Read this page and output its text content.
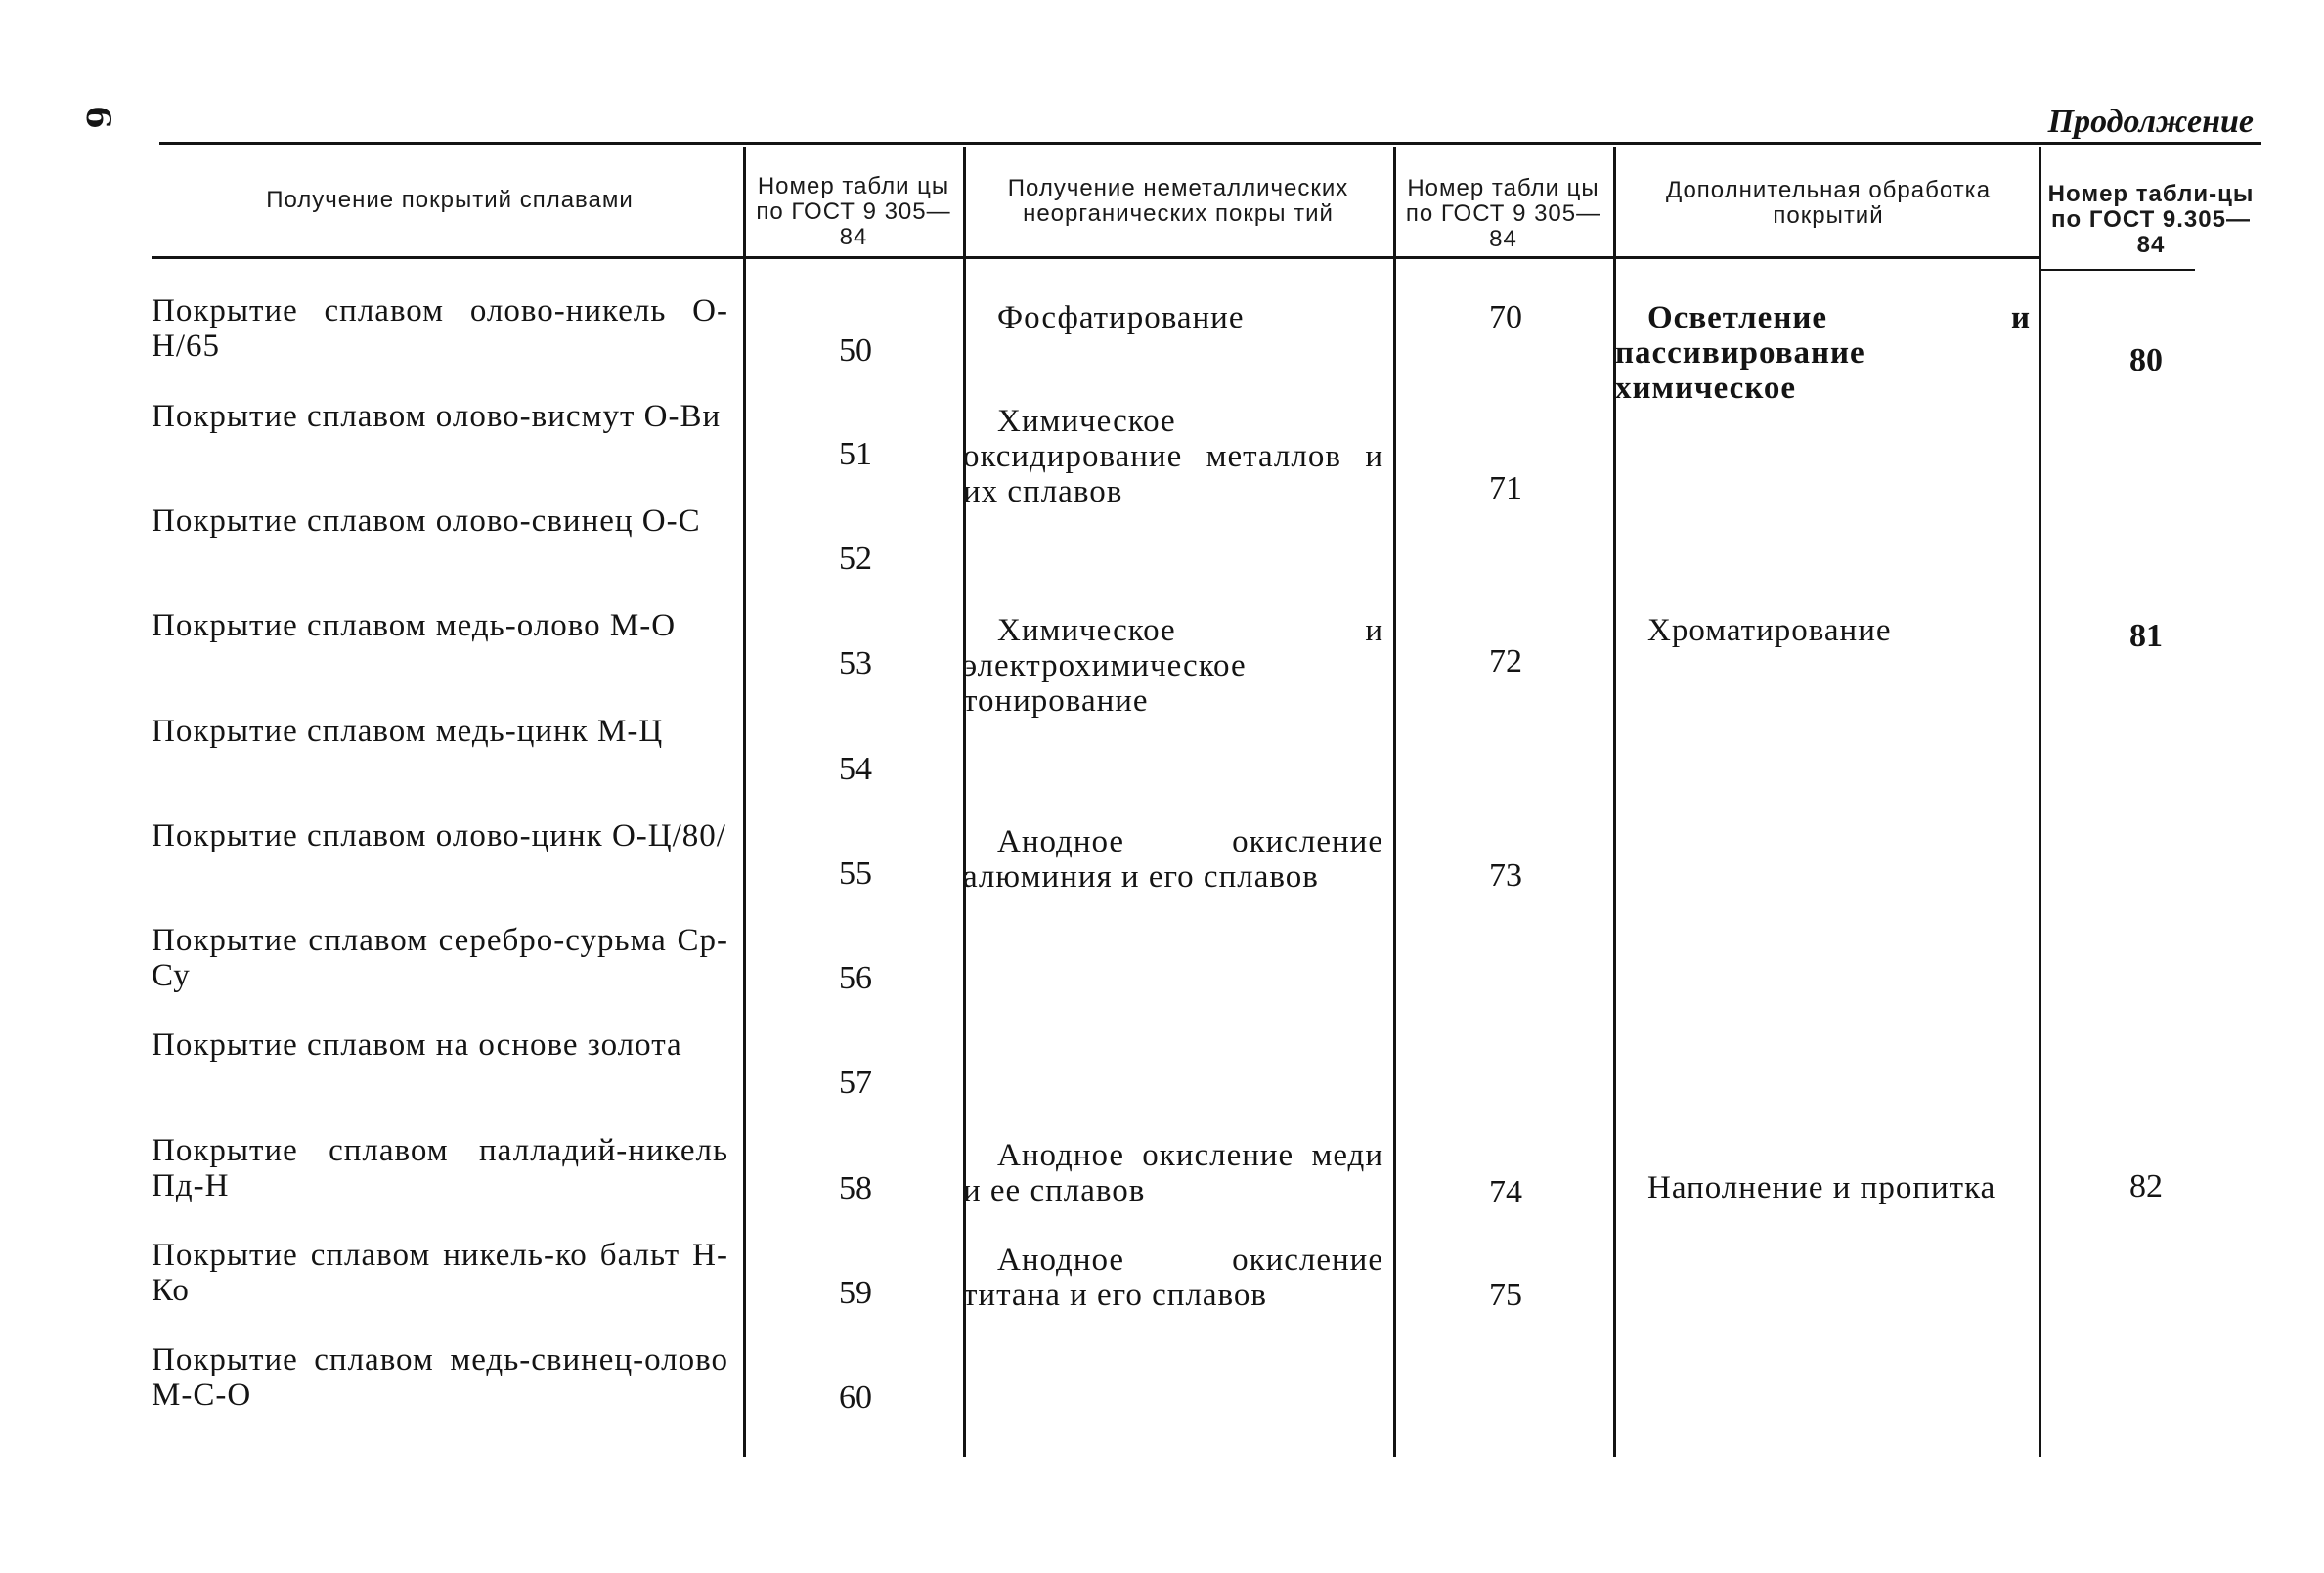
6	Продолжение
Получение покрытий сплавами
Номер табли цы по ГОСТ 9 305—84
Получение неметаллических неорганических покры тий
Номер табли цы по ГОСТ 9 305—84
Дополнительная обработка покрытий
Номер табли-цы по ГОСТ 9.305—84
Покрытие сплавом олово-никель О-Н/65
Покрытие сплавом олово-висмут О-Ви
Покрытие сплавом олово-свинец О-С
Покрытие сплавом медь-олово М-О
Покрытие сплавом медь-цинк М-Ц
Покрытие сплавом олово-цинк О-Ц/80/
Покрытие сплавом серебро-сурьма Ср-Су
Покрытие сплавом на основе золота
Покрытие сплавом палладий-никель Пд-Н
Покрытие сплавом никель-ко бальт Н-Ко
Покрытие сплавом медь-свинец-олово М-С-О
50
51
52
53
54
55
56
57
58
59
60
Фосфатирование
Химическое оксидирование металлов и их сплавов
Химическое и электрохимическое тонирование
Анодное окисление алюминия и его сплавов
Анодное окисление меди и ее сплавов
Анодное окисление титана и его сплавов
70
71
72
73
74
75
Осветление и пассивирование химическое
Хроматирование
Наполнение и пропитка
80
81
82
